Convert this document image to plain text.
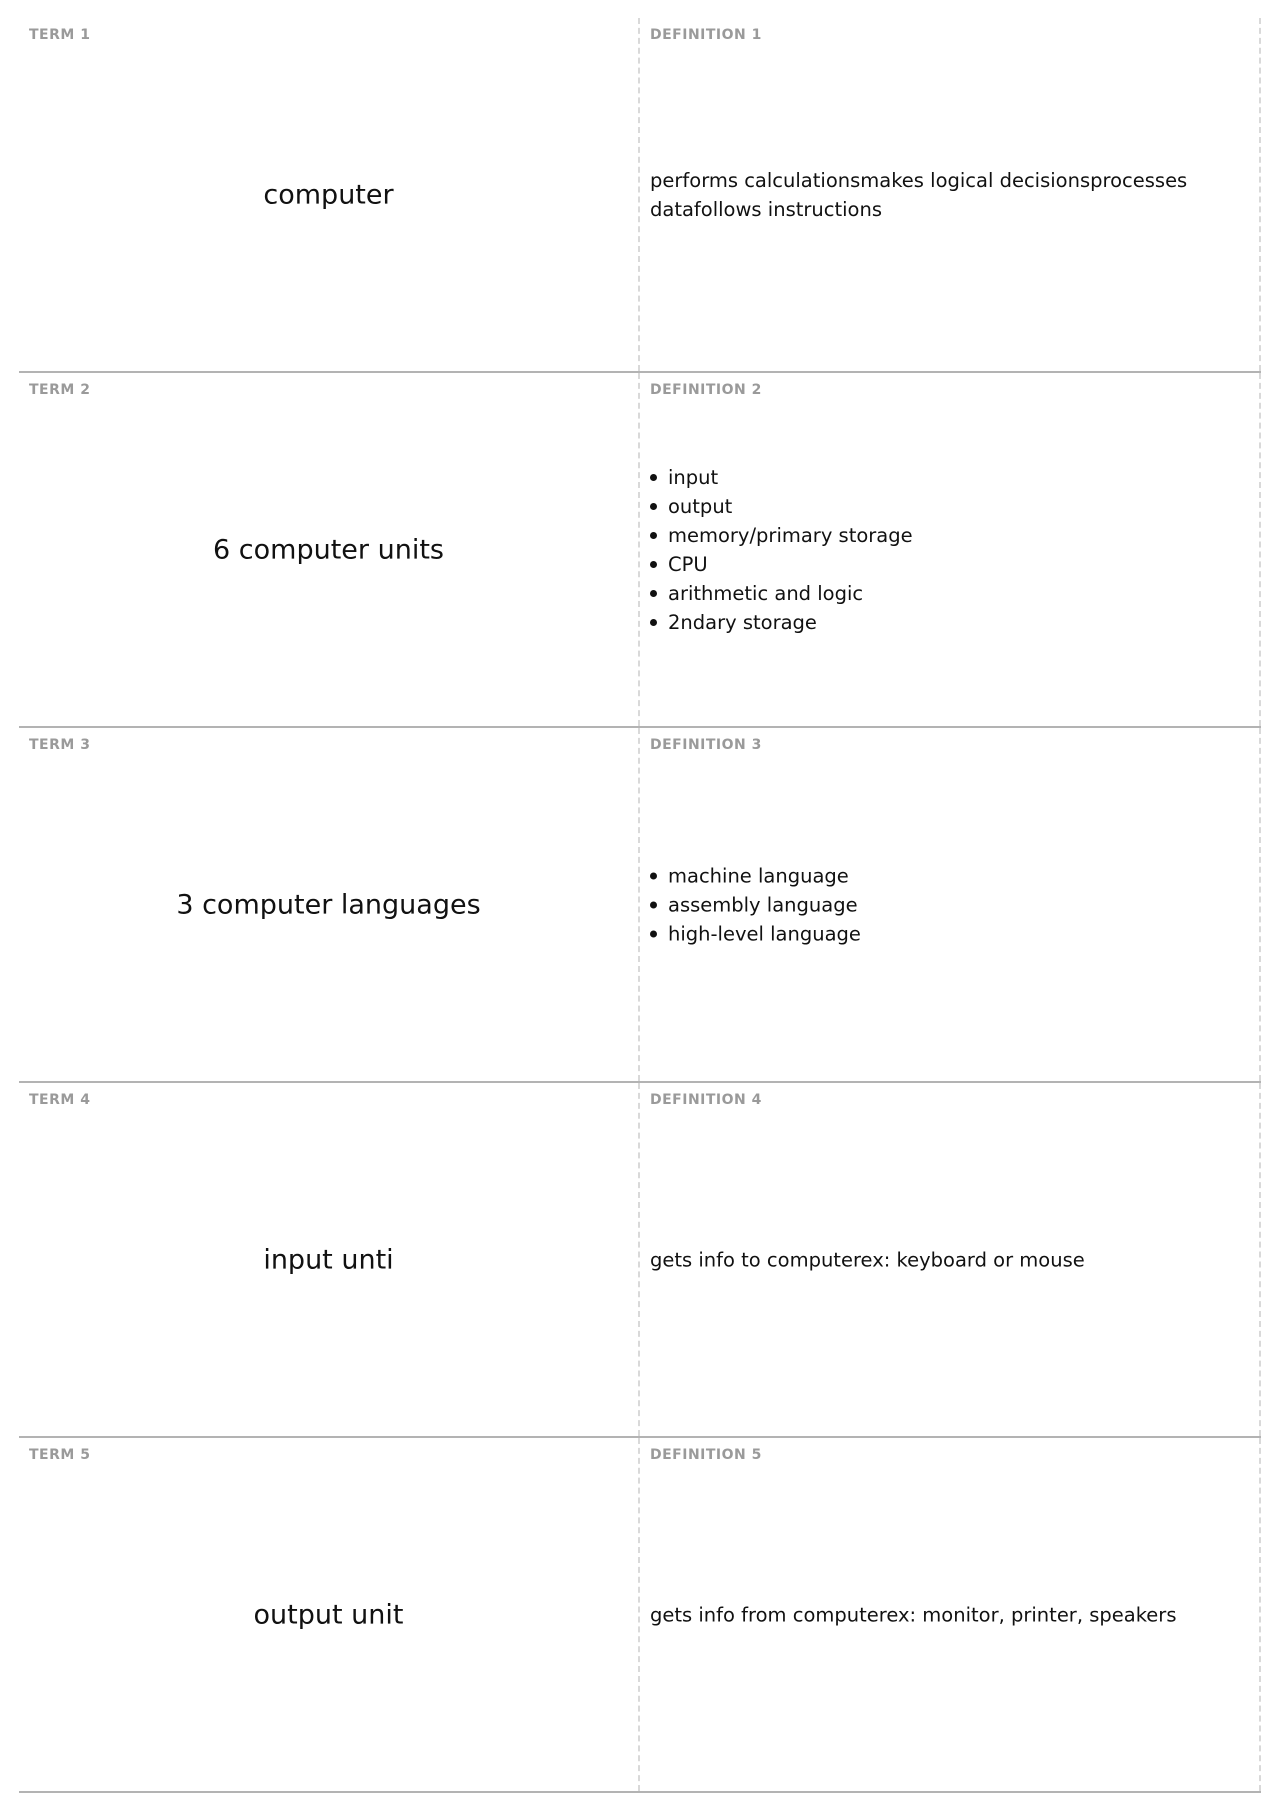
TERM 1
computer
DEFINITION 1
performs calculationsmakes logical decisionsprocesses datafollows instructions
TERM 2
6 computer units
DEFINITION 2
input
output
memory/primary storage
CPU
arithmetic and logic
2ndary storage
TERM 3
3 computer languages
DEFINITION 3
machine language
assembly language
high-level language
TERM 4
input unti
DEFINITION 4
gets info to computerex: keyboard or mouse
TERM 5
output unit
DEFINITION 5
gets info from computerex: monitor, printer, speakers
